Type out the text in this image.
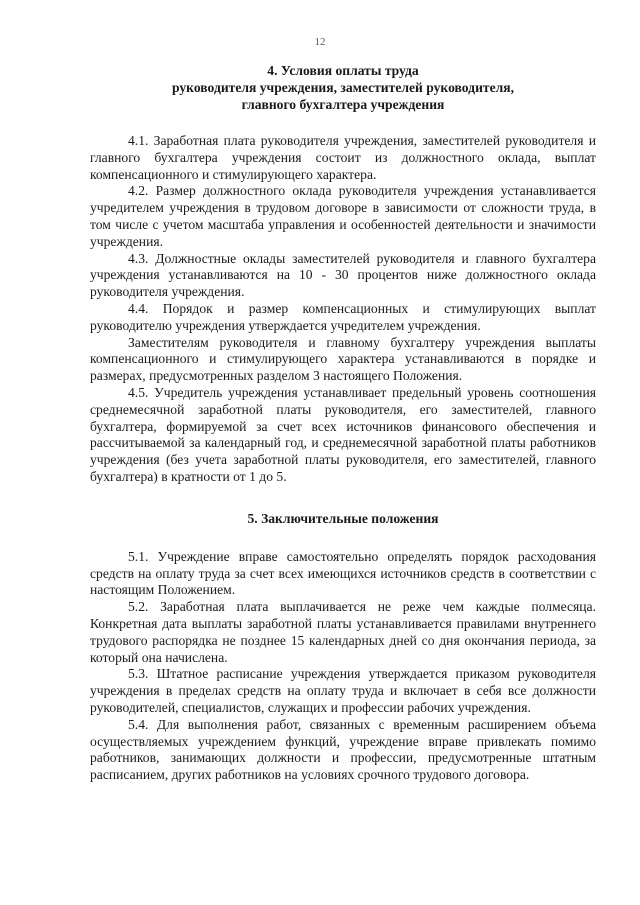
12
4. Условия оплаты труда
руководителя учреждения, заместителей руководителя,
главного бухгалтера учреждения

4.1. Заработная плата руководителя учреждения, заместителей руководителя и главного бухгалтера учреждения состоит из должностного оклада, выплат компенсационного и стимулирующего характера.

4.2. Размер должностного оклада руководителя учреждения устанавливается учредителем учреждения в трудовом договоре в зависимости от сложности труда, в том числе с учетом масштаба управления и особенностей деятельности и значимости учреждения.

4.3. Должностные оклады заместителей руководителя и главного бухгалтера учреждения устанавливаются на 10 - 30 процентов ниже должностного оклада руководителя учреждения.

4.4. Порядок и размер компенсационных и стимулирующих выплат руководителю учреждения утверждается учредителем учреждения.

Заместителям руководителя и главному бухгалтеру учреждения выплаты компенсационного и стимулирующего характера устанавливаются в порядке и размерах, предусмотренных разделом 3 настоящего Положения.

4.5. Учредитель учреждения устанавливает предельный уровень соотношения среднемесячной заработной платы руководителя, его заместителей, главного бухгалтера, формируемой за счет всех источников финансового обеспечения и рассчитываемой за календарный год, и среднемесячной заработной платы работников учреждения (без учета заработной платы руководителя, его заместителей, главного бухгалтера) в кратности от 1 до 5.

5. Заключительные положения

5.1. Учреждение вправе самостоятельно определять порядок расходования средств на оплату труда за счет всех имеющихся источников средств в соответствии с настоящим Положением.

5.2. Заработная плата выплачивается не реже чем каждые полмесяца. Конкретная дата выплаты заработной платы устанавливается правилами внутреннего трудового распорядка не позднее 15 календарных дней со дня окончания периода, за который она начислена.

5.3. Штатное расписание учреждения утверждается приказом руководителя учреждения в пределах средств на оплату труда и включает в себя все должности руководителей, специалистов, служащих и профессии рабочих учреждения.

5.4. Для выполнения работ, связанных с временным расширением объема осуществляемых учреждением функций, учреждение вправе привлекать помимо работников, занимающих должности и профессии, предусмотренные штатным расписанием, других работников на условиях срочного трудового договора.
